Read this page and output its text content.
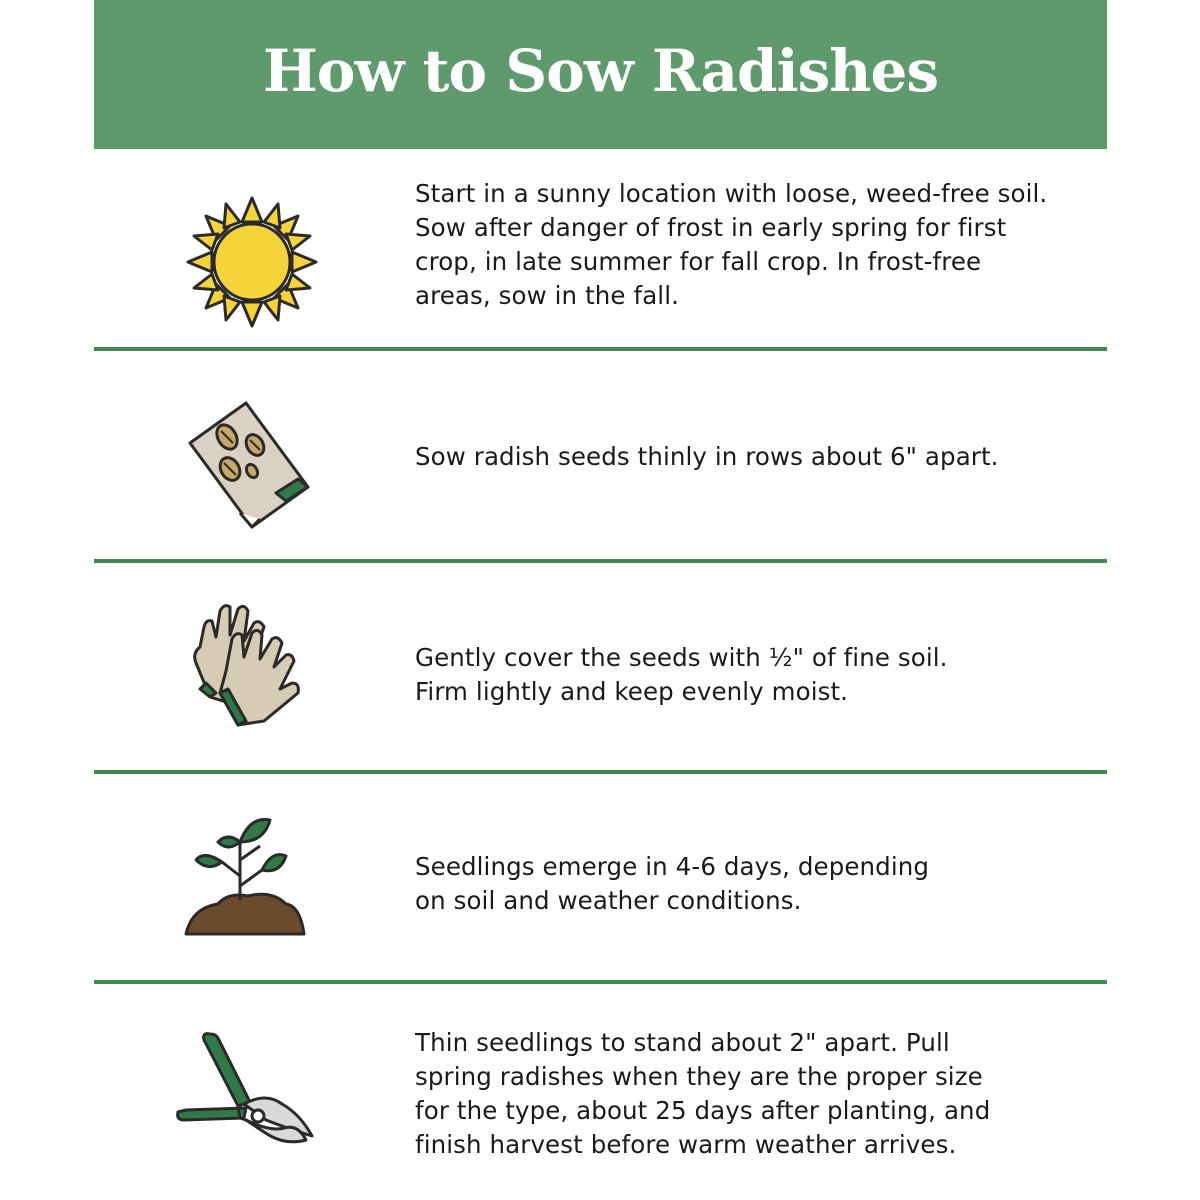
How to Sow Radishes
Start in a sunny location with loose, weed-free soil. Sow after danger of frost in early spring for first crop, in late summer for fall crop. In frost-free areas, sow in the fall.
Sow radish seeds thinly in rows about 6" apart.
Gently cover the seeds with ½" of fine soil. Firm lightly and keep evenly moist.
Seedlings emerge in 4-6 days, depending on soil and weather conditions.
Thin seedlings to stand about 2" apart. Pull spring radishes when they are the proper size for the type, about 25 days after planting, and finish harvest before warm weather arrives.
